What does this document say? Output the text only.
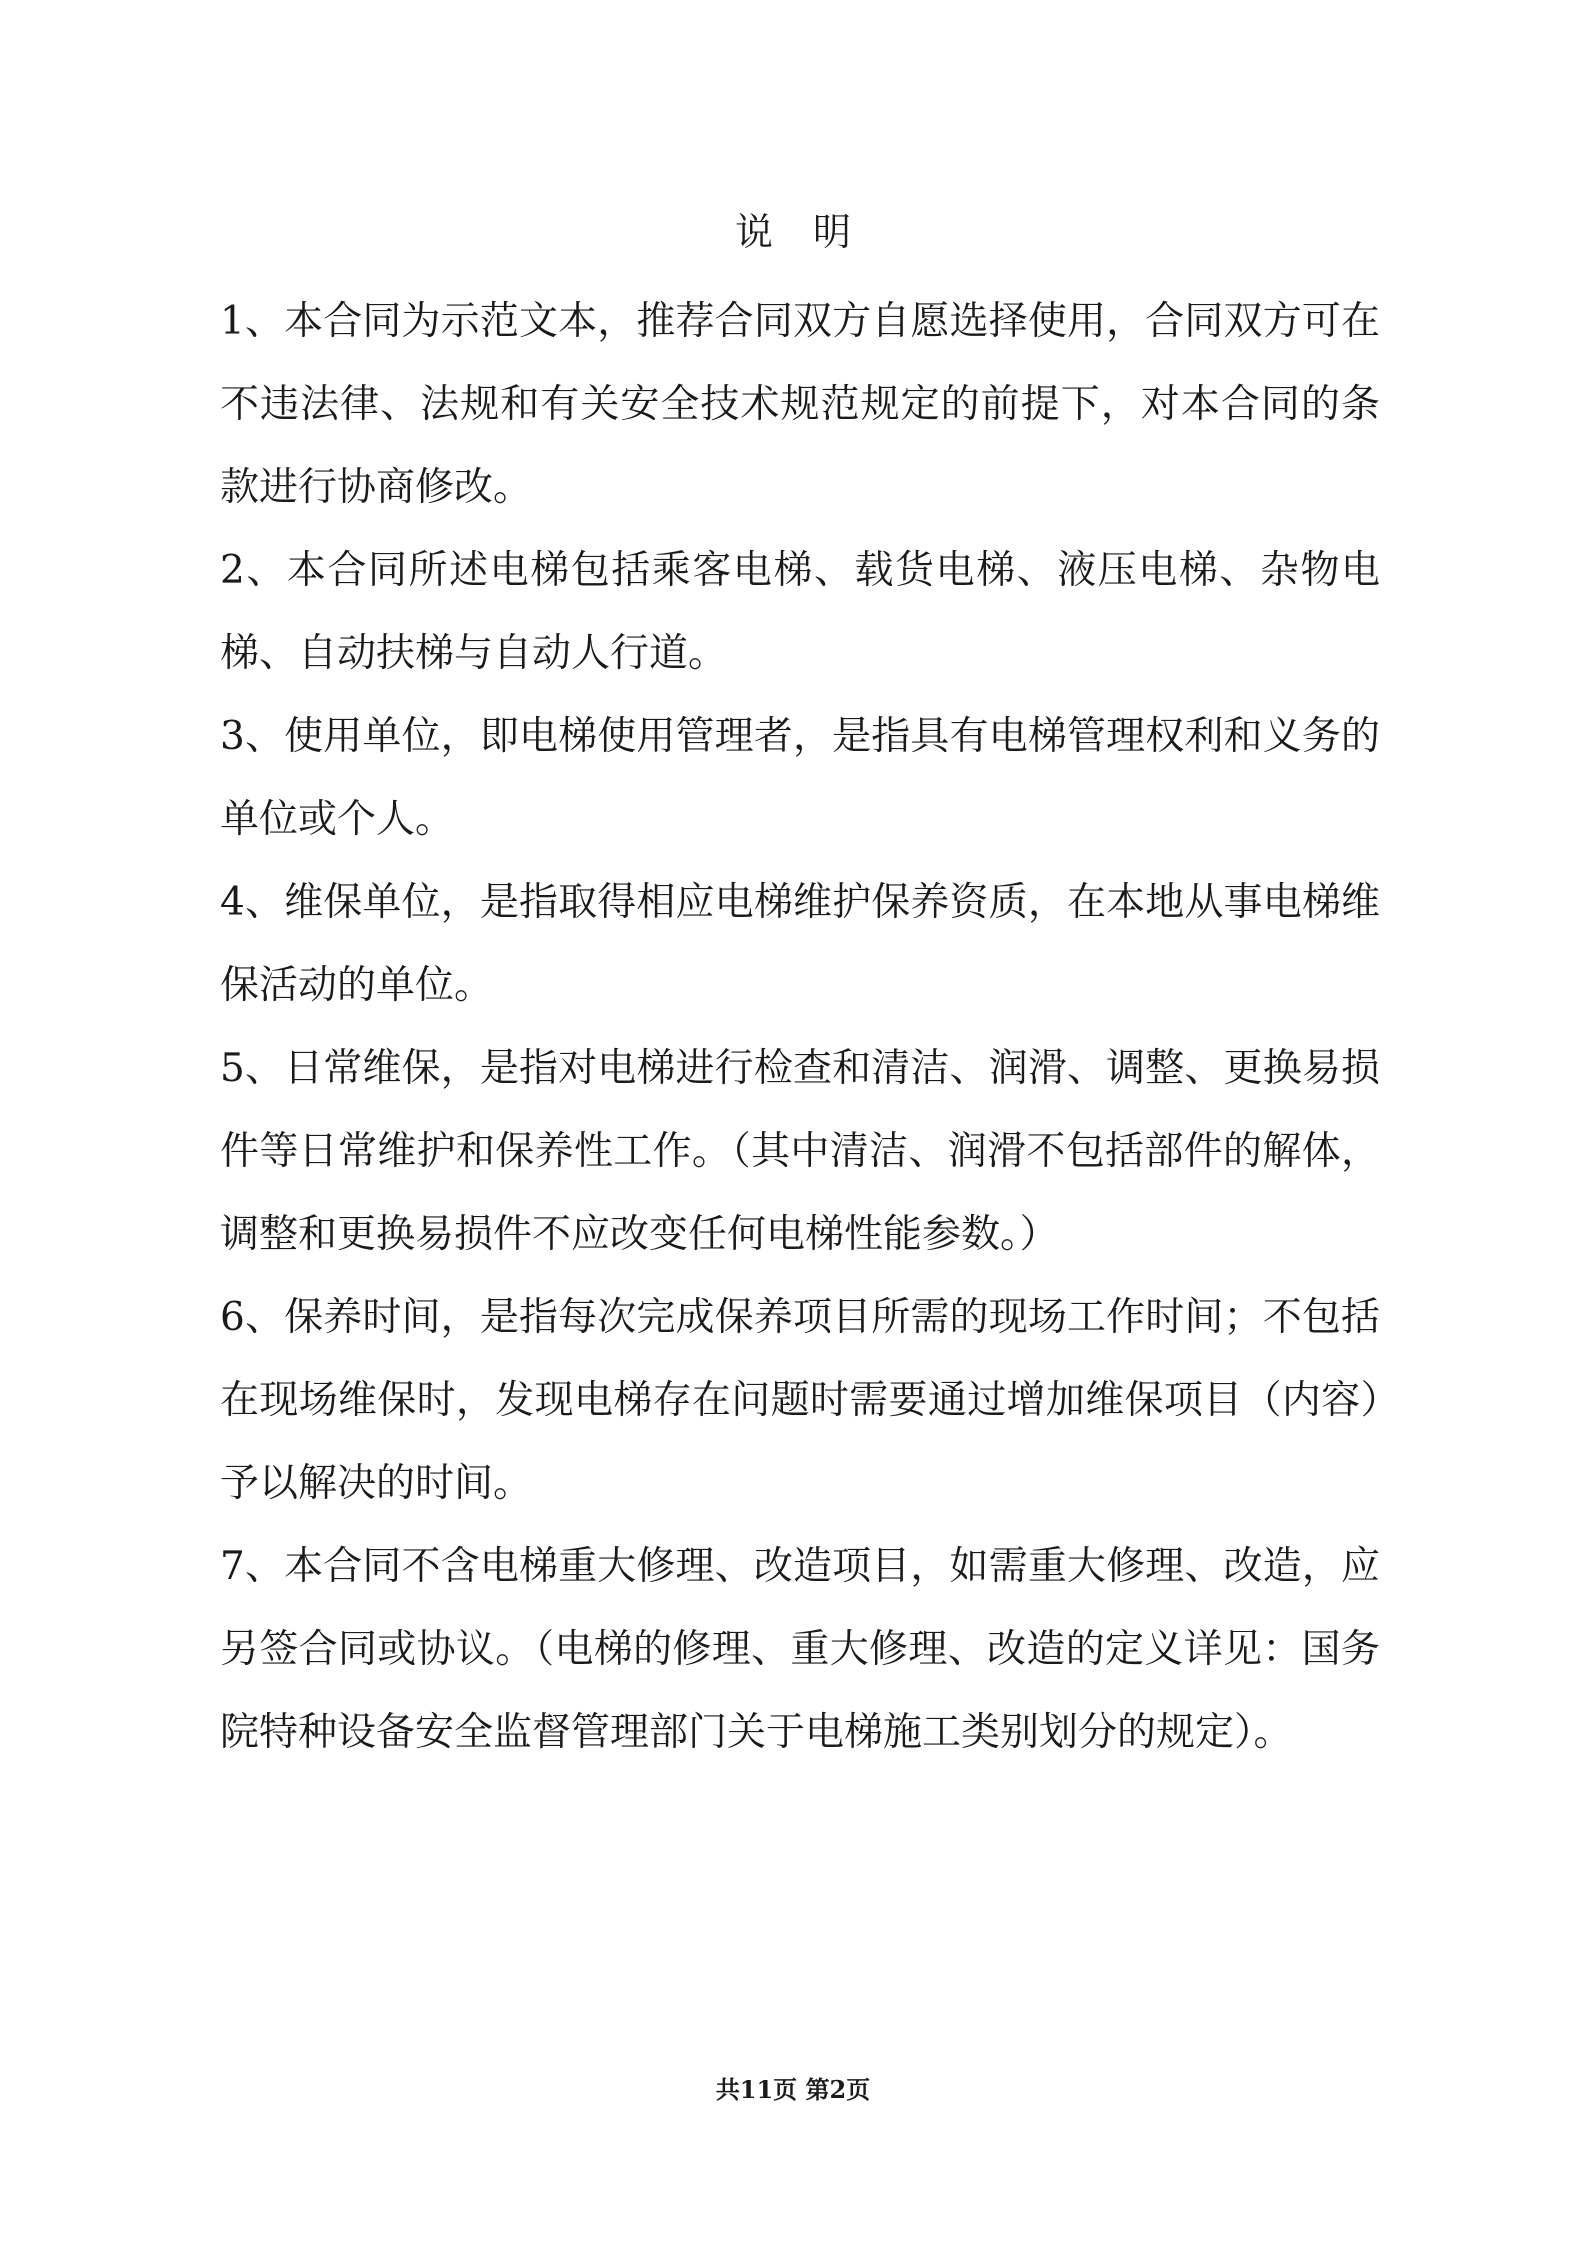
说明

1、本合同为示范文本，推荐合同双方自愿选择使用，合同双方可在不违法律、法规和有关安全技术规范规定的前提下，对本合同的条款进行协商修改。

2、本合同所述电梯包括乘客电梯、载货电梯、液压电梯、杂物电梯、自动扶梯与自动人行道。

3、使用单位，即电梯使用管理者，是指具有电梯管理权利和义务的单位或个人。

4、维保单位，是指取得相应电梯维护保养资质，在本地从事电梯维保活动的单位。

5、日常维保，是指对电梯进行检查和清洁、润滑、调整、更换易损件等日常维护和保养性工作。（其中清洁、润滑不包括部件的解体，调整和更换易损件不应改变任何电梯性能参数。）

6、保养时间，是指每次完成保养项目所需的现场工作时间；不包括在现场维保时，发现电梯存在问题时需要通过增加维保项目（内容）予以解决的时间。

7、本合同不含电梯重大修理、改造项目，如需重大修理、改造，应另签合同或协议。（电梯的修理、重大修理、改造的定义详见：国务院特种设备安全监督管理部门关于电梯施工类别划分的规定）。

共11页 第2页
